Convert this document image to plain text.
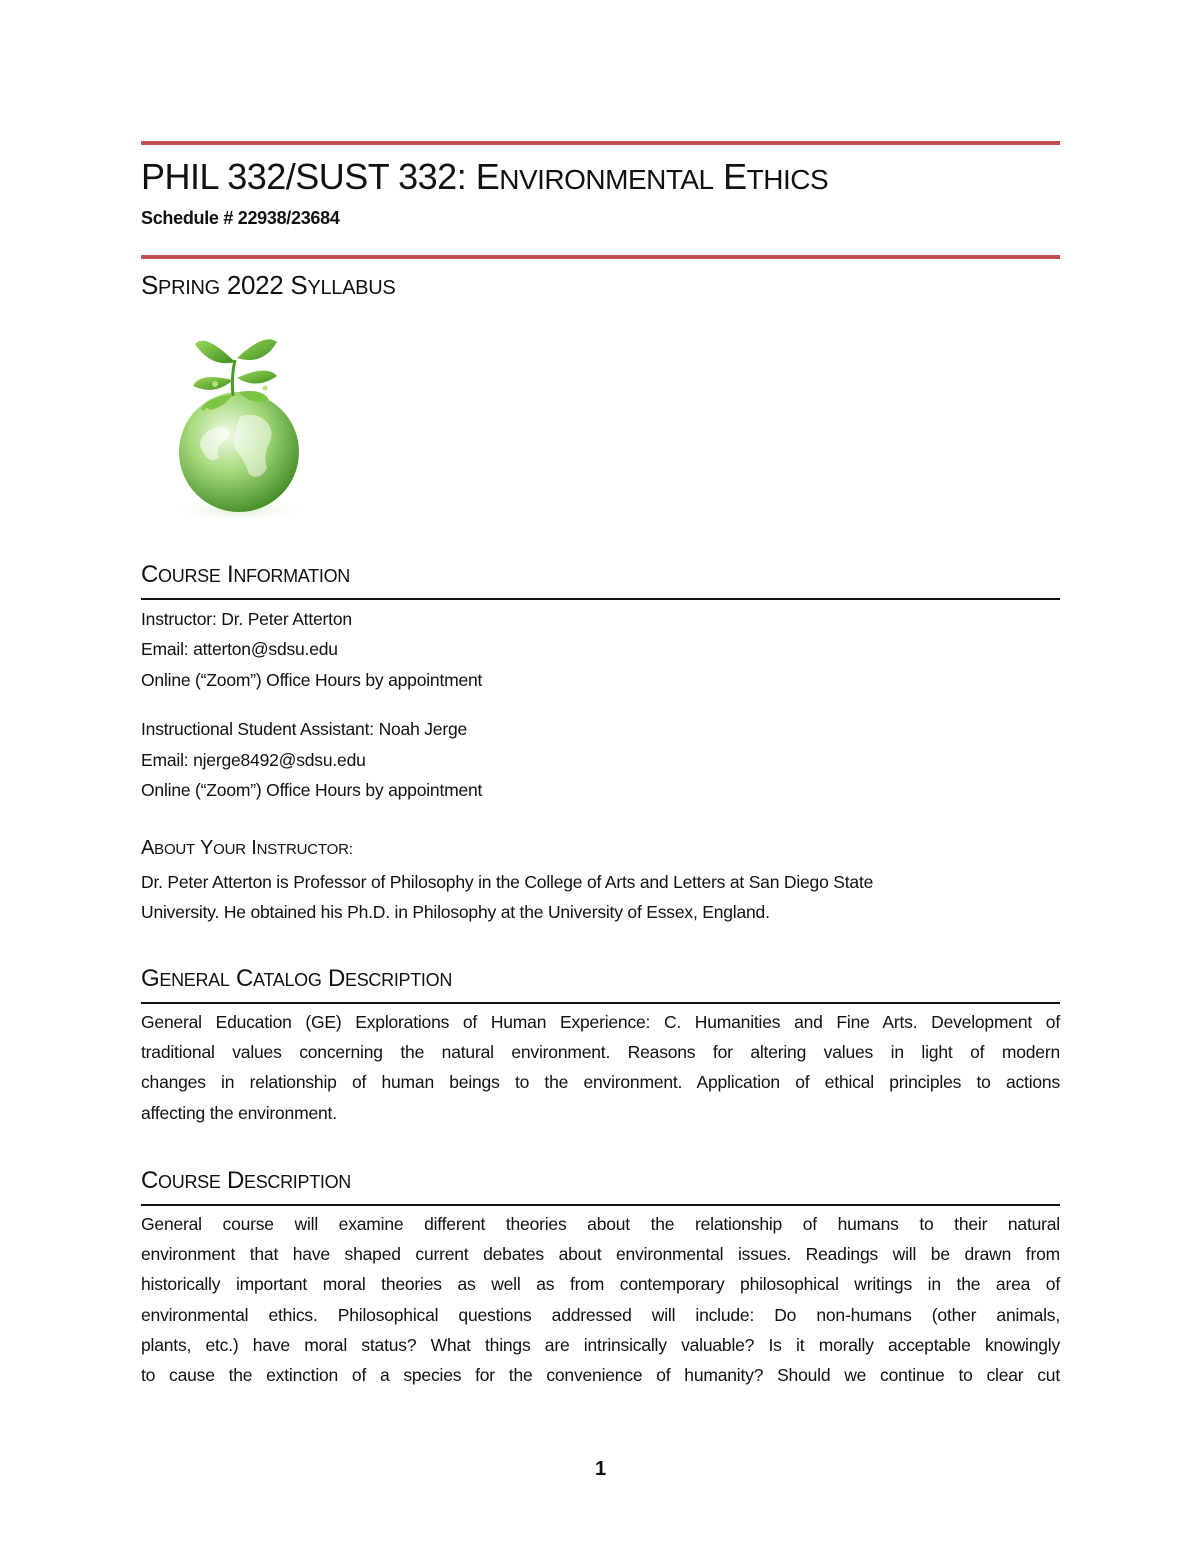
PHIL 332/SUST 332: ENVIRONMENTAL ETHICS
Schedule # 22938/23684
SPRING 2022 SYLLABUS
COURSE INFORMATION
Instructor: Dr. Peter Atterton
Email: atterton@sdsu.edu
Online (“Zoom”) Office Hours by appointment
Instructional Student Assistant: Noah Jerge
Email: njerge8492@sdsu.edu
Online (“Zoom”) Office Hours by appointment
ABOUT YOUR INSTRUCTOR:
Dr. Peter Atterton is Professor of Philosophy in the College of Arts and Letters at San Diego State
University. He obtained his Ph.D. in Philosophy at the University of Essex, England.
GENERAL CATALOG DESCRIPTION
General Education (GE) Explorations of Human Experience: C. Humanities and Fine Arts. Development of
traditional values concerning the natural environment. Reasons for altering values in light of modern
changes in relationship of human beings to the environment. Application of ethical principles to actions
affecting the environment.
COURSE DESCRIPTION
General course will examine different theories about the relationship of humans to their natural
environment that have shaped current debates about environmental issues. Readings will be drawn from
historically important moral theories as well as from contemporary philosophical writings in the area of
environmental ethics. Philosophical questions addressed will include: Do non-humans (other animals,
plants, etc.) have moral status? What things are intrinsically valuable? Is it morally acceptable knowingly
to cause the extinction of a species for the convenience of humanity? Should we continue to clear cut
1
